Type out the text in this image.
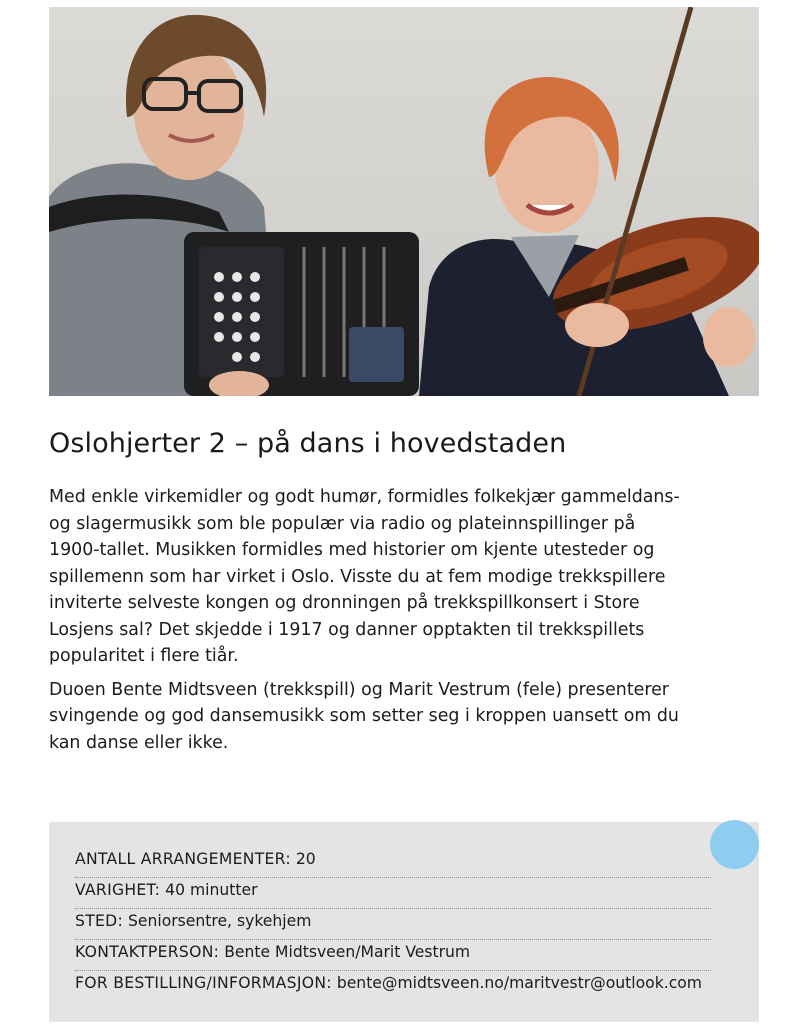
Oslohjerter 2 – på dans i hovedstaden
Med enkle virkemidler og godt humør, formidles folkekjær gammeldans-
og slagermusikk som ble populær via radio og plateinnspillinger på
1900-tallet. Musikken formidles med historier om kjente utesteder og
spillemenn som har virket i Oslo. Visste du at fem modige trekkspillere
inviterte selveste kongen og dronningen på trekkspillkonsert i Store
Losjens sal? Det skjedde i 1917 og danner opptakten til trekkspillets
popularitet i flere tiår.
Duoen Bente Midtsveen (trekkspill) og Marit Vestrum (fele) presenterer
svingende og god dansemusikk som setter seg i kroppen uansett om du
kan danse eller ikke.
ANTALL ARRANGEMENTER: 20
VARIGHET: 40 minutter
STED: Seniorsentre, sykehjem
KONTAKTPERSON: Bente Midtsveen/Marit Vestrum
FOR BESTILLING/INFORMASJON: bente@midtsveen.no/maritvestr@outlook.com
